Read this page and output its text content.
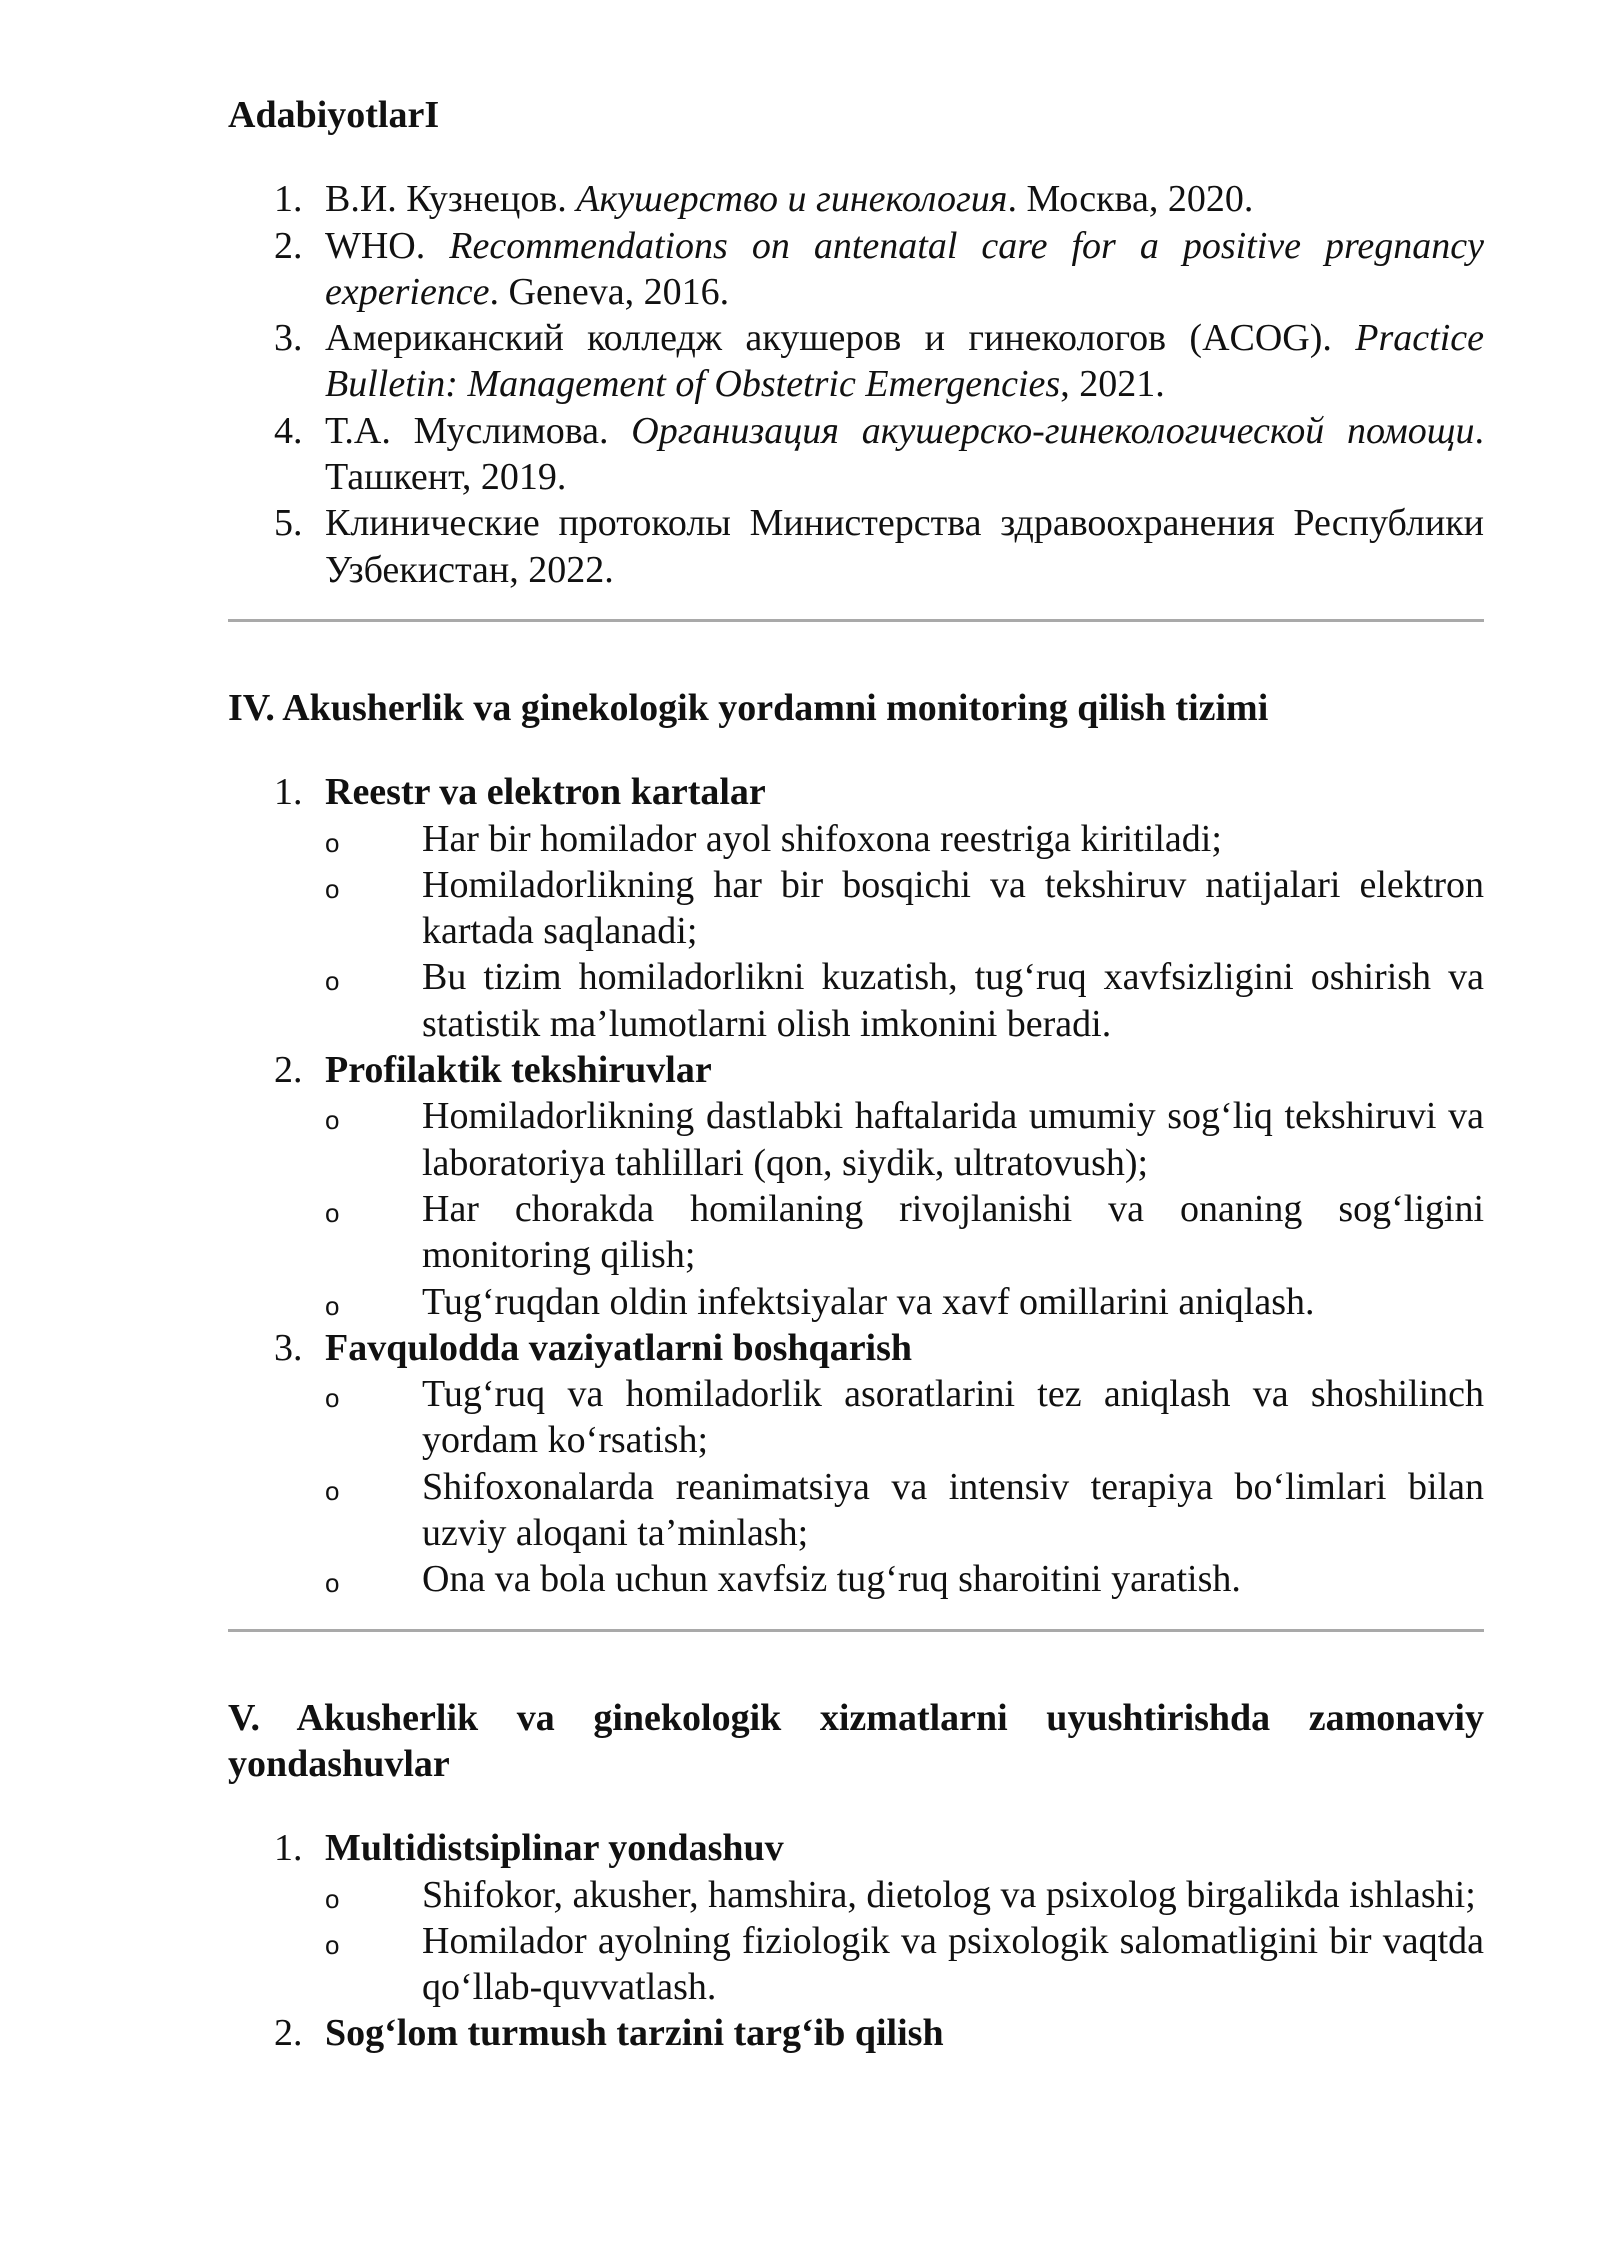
AdabiyotlarI

1. В.И. Кузнецов. Акушерство и гинекология. Москва, 2020.
2. WHO. Recommendations on antenatal care for a positive pregnancy experience. Geneva, 2016.
3. Американский колледж акушеров и гинекологов (ACOG). Practice Bulletin: Management of Obstetric Emergencies, 2021.
4. Т.А. Муслимова. Организация акушерско-гинекологической помощи. Ташкент, 2019.
5. Клинические протоколы Министерства здравоохранения Республики Узбекистан, 2022.

IV. Akusherlik va ginekologik yordamni monitoring qilish tizimi

1. Reestr va elektron kartalar
o Har bir homilador ayol shifoxona reestriga kiritiladi;
o Homiladorlikning har bir bosqichi va tekshiruv natijalari elektron kartada saqlanadi;
o Bu tizim homiladorlikni kuzatish, tug‘ruq xavfsizligini oshirish va statistik ma’lumotlarni olish imkonini beradi.
2. Profilaktik tekshiruvlar
o Homiladorlikning dastlabki haftalarida umumiy sog‘liq tekshiruvi va laboratoriya tahlillari (qon, siydik, ultratovush);
o Har chorakda homilaning rivojlanishi va onaning sog‘ligini monitoring qilish;
o Tug‘ruqdan oldin infektsiyalar va xavf omillarini aniqlash.
3. Favqulodda vaziyatlarni boshqarish
o Tug‘ruq va homiladorlik asoratlarini tez aniqlash va shoshilinch yordam ko‘rsatish;
o Shifoxonalarda reanimatsiya va intensiv terapiya bo‘limlari bilan uzviy aloqani ta’minlash;
o Ona va bola uchun xavfsiz tug‘ruq sharoitini yaratish.

V. Akusherlik va ginekologik xizmatlarni uyushtirishda zamonaviy yondashuvlar

1. Multidistsiplinar yondashuv
o Shifokor, akusher, hamshira, dietolog va psixolog birgalikda ishlashi;
o Homilador ayolning fiziologik va psixologik salomatligini bir vaqtda qo‘llab-quvvatlash.
2. Sog‘lom turmush tarzini targ‘ib qilish
